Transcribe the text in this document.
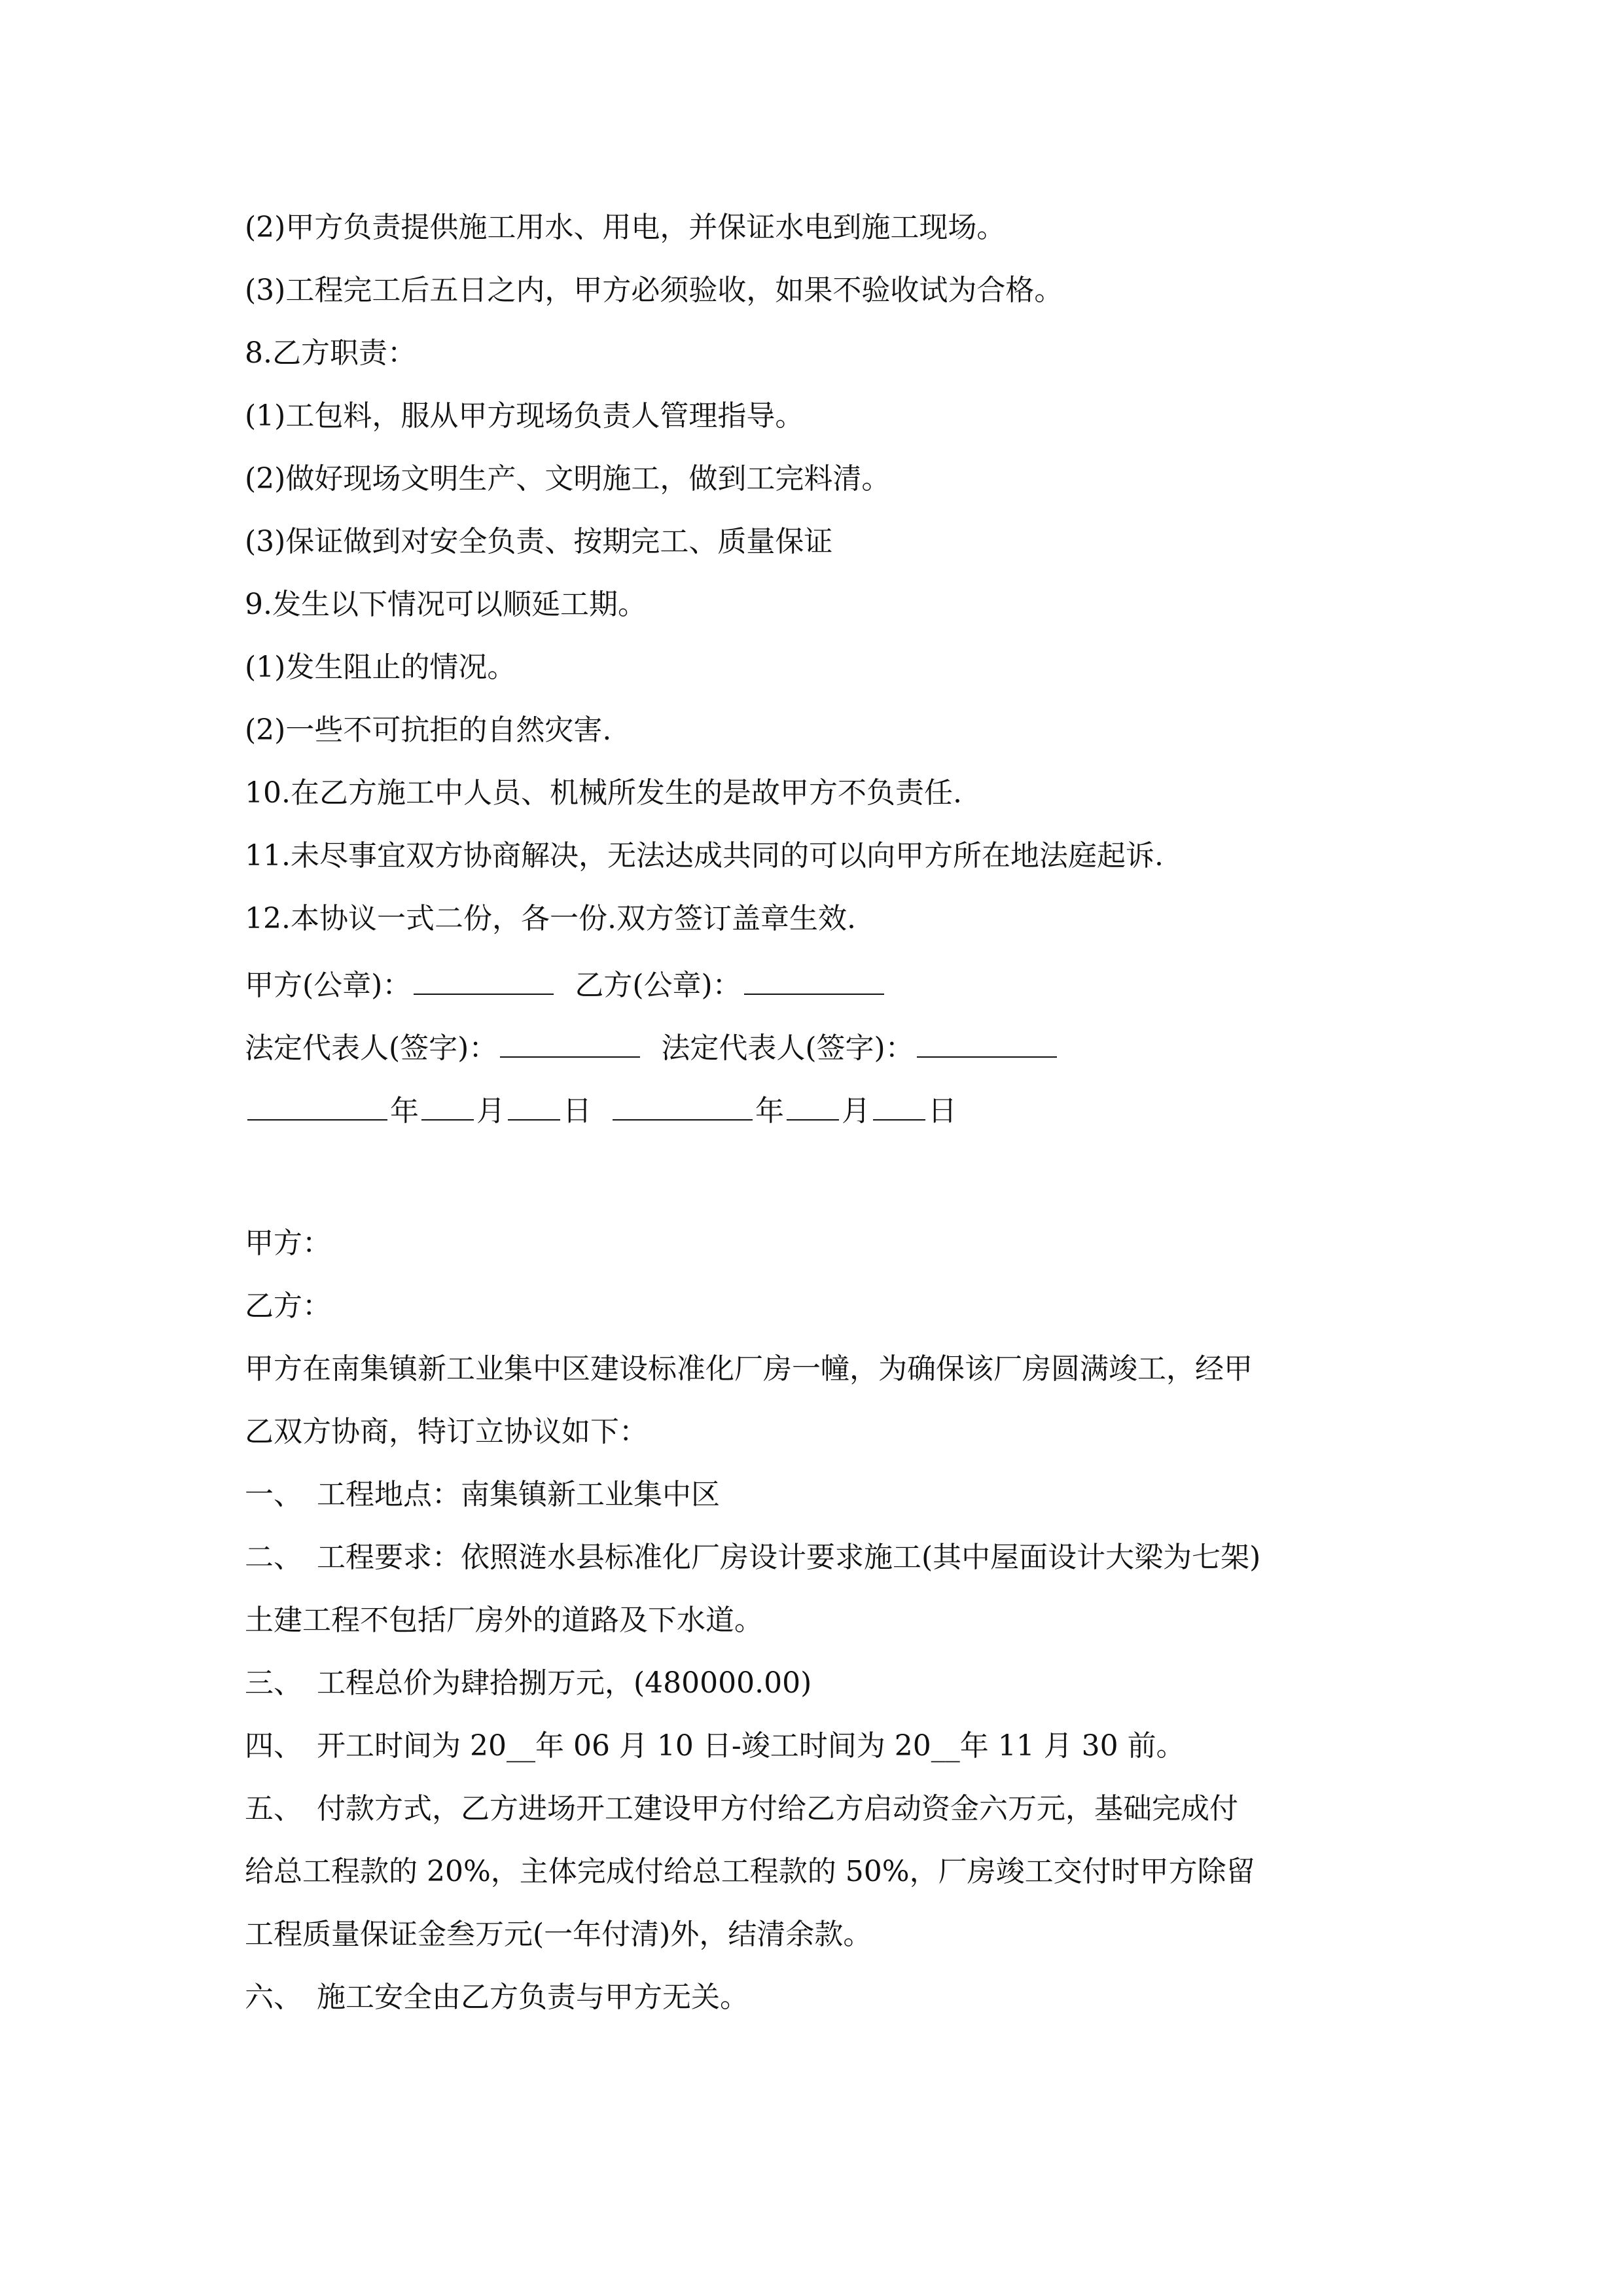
(2)甲方负责提供施工用水、用电，并保证水电到施工现场。
(3)工程完工后五日之内，甲方必须验收，如果不验收试为合格。
8.乙方职责：
(1)工包料，服从甲方现场负责人管理指导。
(2)做好现场文明生产、文明施工，做到工完料清。
(3)保证做到对安全负责、按期完工、质量保证
9.发生以下情况可以顺延工期。
(1)发生阻止的情况。
(2)一些不可抗拒的自然灾害.
10.在乙方施工中人员、机械所发生的是故甲方不负责任.
11.未尽事宜双方协商解决，无法达成共同的可以向甲方所在地法庭起诉.
12.本协议一式二份，各一份.双方签订盖章生效.
甲方(公章)：	乙方(公章)：
法定代表人(签字)：	法定代表人(签字)：
年 月 日	年 月 日
甲方：
乙方：
甲方在南集镇新工业集中区建设标准化厂房一幢，为确保该厂房圆满竣工，经甲
乙双方协商，特订立协议如下：
一、　工程地点：南集镇新工业集中区
二、　工程要求：依照涟水县标准化厂房设计要求施工(其中屋面设计大梁为七架)
土建工程不包括厂房外的道路及下水道。
三、　工程总价为肆拾捌万元，(480000.00)
四、　开工时间为 20__年 06 月 10 日-竣工时间为 20__年 11 月 30 前。
五、　付款方式，乙方进场开工建设甲方付给乙方启动资金六万元，基础完成付
给总工程款的 20%，主体完成付给总工程款的 50%，厂房竣工交付时甲方除留
工程质量保证金叁万元(一年付清)外，结清余款。
六、　施工安全由乙方负责与甲方无关。
